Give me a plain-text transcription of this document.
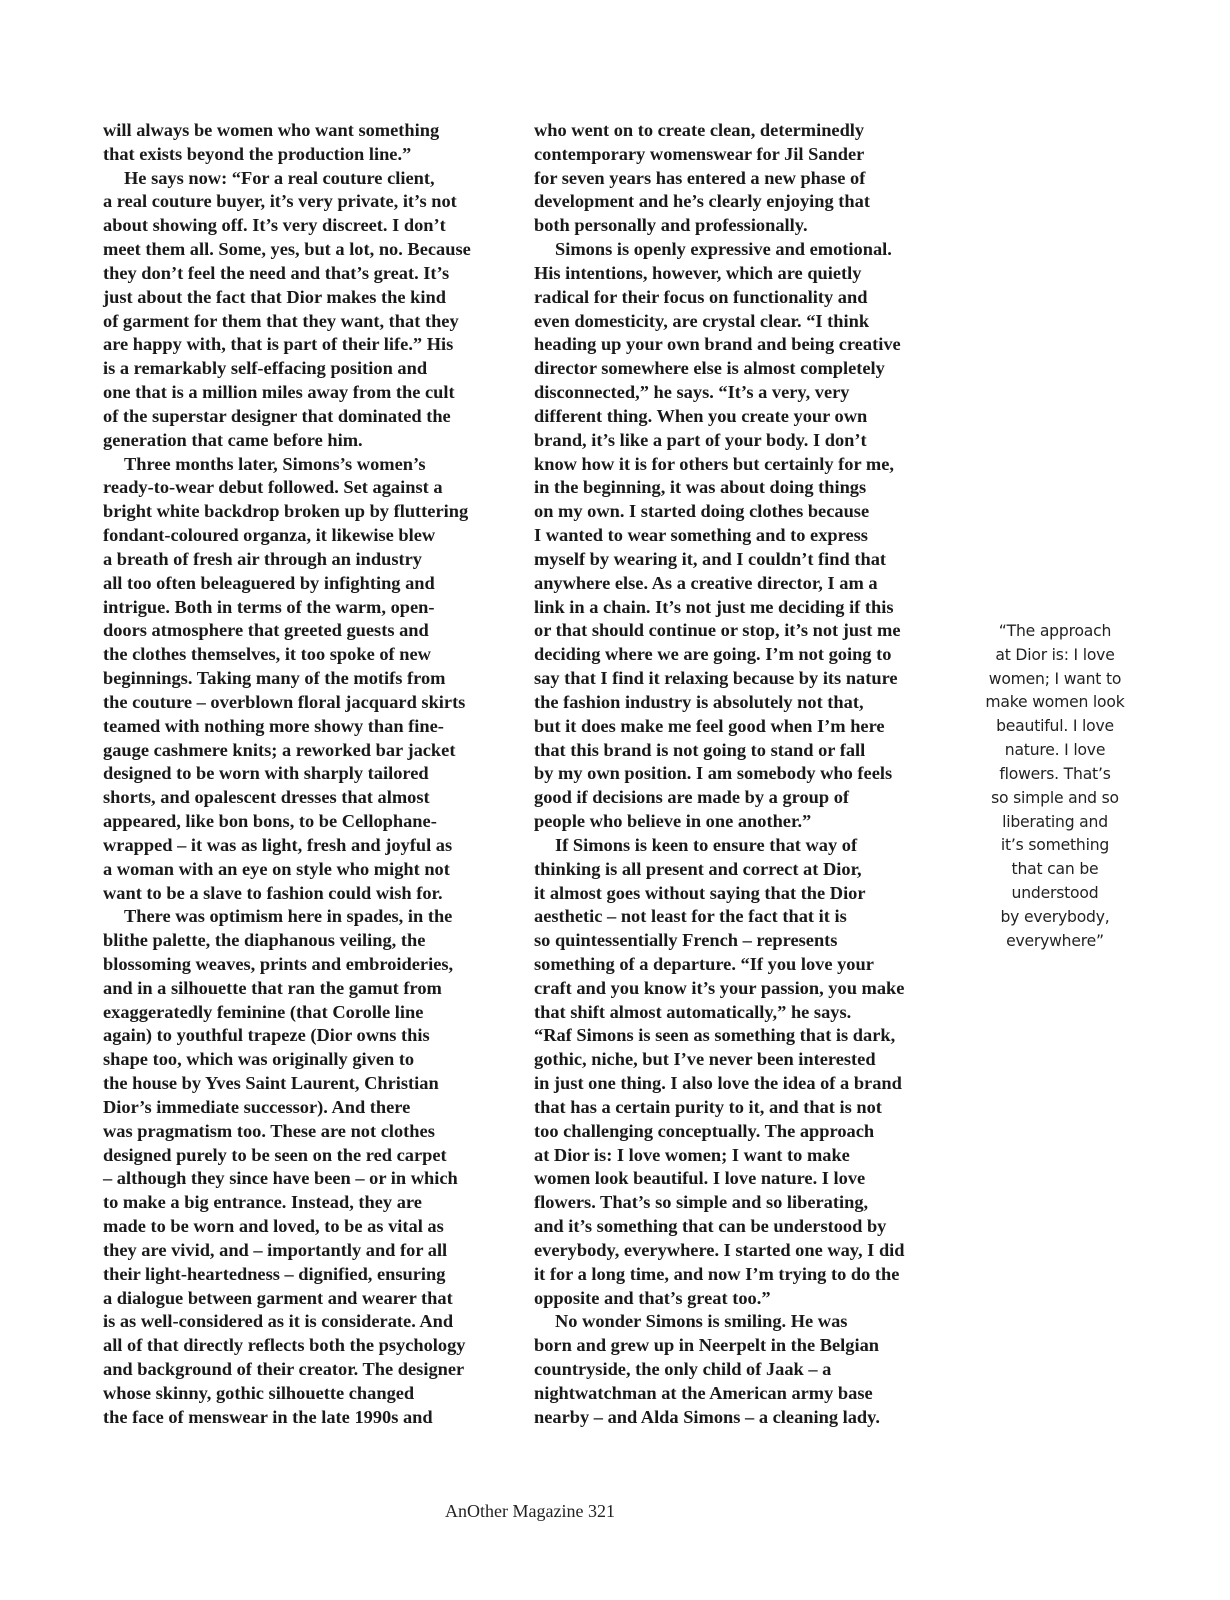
will always be women who want something
that exists beyond the production line.”
He says now: “For a real couture client,
a real couture buyer, it’s very private, it’s not
about showing off. It’s very discreet. I don’t
meet them all. Some, yes, but a lot, no. Because
they don’t feel the need and that’s great. It’s
just about the fact that Dior makes the kind
of garment for them that they want, that they
are happy with, that is part of their life.” His
is a remarkably self-effacing position and
one that is a million miles away from the cult
of the superstar designer that dominated the
generation that came before him.
Three months later, Simons’s women’s
ready-to-wear debut followed. Set against a
bright white backdrop broken up by fluttering
fondant-coloured organza, it likewise blew
a breath of fresh air through an industry
all too often beleaguered by infighting and
intrigue. Both in terms of the warm, open-
doors atmosphere that greeted guests and
the clothes themselves, it too spoke of new
beginnings. Taking many of the motifs from
the couture – overblown floral jacquard skirts
teamed with nothing more showy than fine-
gauge cashmere knits; a reworked bar jacket
designed to be worn with sharply tailored
shorts, and opalescent dresses that almost
appeared, like bon bons, to be Cellophane-
wrapped – it was as light, fresh and joyful as
a woman with an eye on style who might not
want to be a slave to fashion could wish for.
There was optimism here in spades, in the
blithe palette, the diaphanous veiling, the
blossoming weaves, prints and embroideries,
and in a silhouette that ran the gamut from
exaggeratedly feminine (that Corolle line
again) to youthful trapeze (Dior owns this
shape too, which was originally given to
the house by Yves Saint Laurent, Christian
Dior’s immediate successor). And there
was pragmatism too. These are not clothes
designed purely to be seen on the red carpet
– although they since have been – or in which
to make a big entrance. Instead, they are
made to be worn and loved, to be as vital as
they are vivid, and – importantly and for all
their light-heartedness – dignified, ensuring
a dialogue between garment and wearer that
is as well-considered as it is considerate. And
all of that directly reflects both the psychology
and background of their creator. The designer
whose skinny, gothic silhouette changed
the face of menswear in the late 1990s and
who went on to create clean, determinedly
contemporary womenswear for Jil Sander
for seven years has entered a new phase of
development and he’s clearly enjoying that
both personally and professionally.
Simons is openly expressive and emotional.
His intentions, however, which are quietly
radical for their focus on functionality and
even domesticity, are crystal clear. “I think
heading up your own brand and being creative
director somewhere else is almost completely
disconnected,” he says. “It’s a very, very
different thing. When you create your own
brand, it’s like a part of your body. I don’t
know how it is for others but certainly for me,
in the beginning, it was about doing things
on my own. I started doing clothes because
I wanted to wear something and to express
myself by wearing it, and I couldn’t find that
anywhere else. As a creative director, I am a
link in a chain. It’s not just me deciding if this
or that should continue or stop, it’s not just me
deciding where we are going. I’m not going to
say that I find it relaxing because by its nature
the fashion industry is absolutely not that,
but it does make me feel good when I’m here
that this brand is not going to stand or fall
by my own position. I am somebody who feels
good if decisions are made by a group of
people who believe in one another.”
If Simons is keen to ensure that way of
thinking is all present and correct at Dior,
it almost goes without saying that the Dior
aesthetic – not least for the fact that it is
so quintessentially French – represents
something of a departure. “If you love your
craft and you know it’s your passion, you make
that shift almost automatically,” he says.
“Raf Simons is seen as something that is dark,
gothic, niche, but I’ve never been interested
in just one thing. I also love the idea of a brand
that has a certain purity to it, and that is not
too challenging conceptually. The approach
at Dior is: I love women; I want to make
women look beautiful. I love nature. I love
flowers. That’s so simple and so liberating,
and it’s something that can be understood by
everybody, everywhere. I started one way, I did
it for a long time, and now I’m trying to do the
opposite and that’s great too.”
No wonder Simons is smiling. He was
born and grew up in Neerpelt in the Belgian
countryside, the only child of Jaak – a
nightwatchman at the American army base
nearby – and Alda Simons – a cleaning lady.
“The approach
at Dior is: I love
women; I want to
make women look
beautiful. I love
nature. I love
flowers. That’s
so simple and so
liberating and
it’s something
that can be
understood
by everybody,
everywhere”
AnOther Magazine 321
